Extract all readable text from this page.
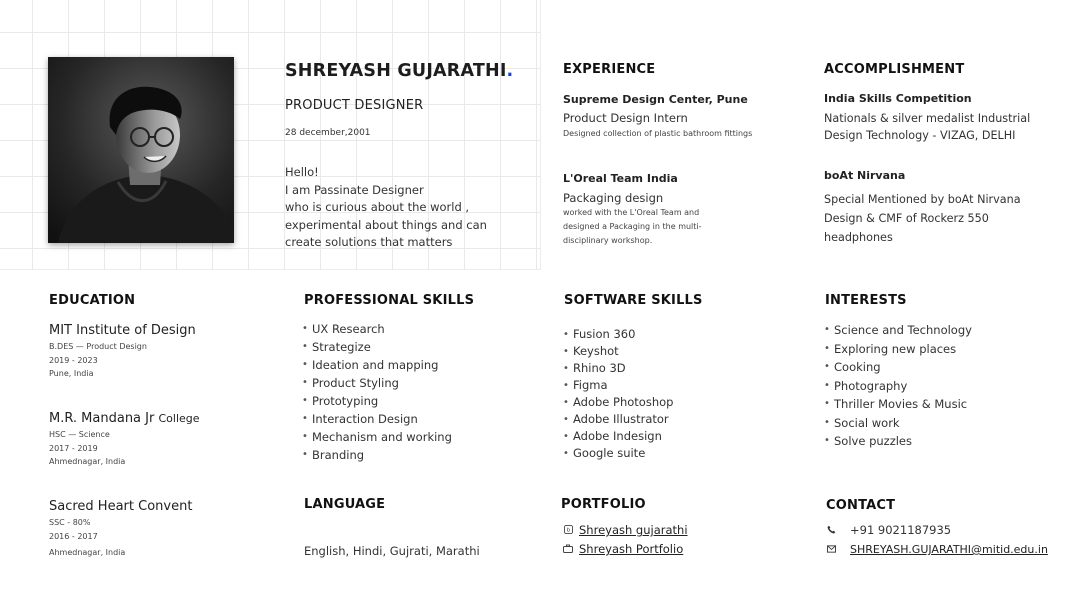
SHREYASH GUJARATHI.
PRODUCT DESIGNER
28 december,2001
Hello!
I am Passinate Designer
who is curious about the world ,
experimental about things and can
create solutions that matters
EXPERIENCE
Supreme Design Center, Pune
Product Design Intern
Designed collection of plastic bathroom fittings
L'Oreal Team India
Packaging design
worked with the L'Oreal Team and
designed a Packaging in the multi-
disciplinary workshop.
ACCOMPLISHMENT
India Skills Competition
Nationals & silver medalist Industrial
Design Technology - VIZAG, DELHI
boAt Nirvana
Special Mentioned by boAt Nirvana
Design & CMF of Rockerz 550
headphones
EDUCATION
MIT Institute of Design
B.DES — Product Design
2019 - 2023
Pune, India
M.R. Mandana Jr College
HSC — Science
2017 - 2019
Ahmednagar, India
Sacred Heart Convent
SSC - 80%
2016 - 2017
Ahmednagar, India
PROFESSIONAL SKILLS
• UX Research
• Strategize
• Ideation and mapping
• Product Styling
• Prototyping
• Interaction Design
• Mechanism and working
• Branding
SOFTWARE SKILLS
• Fusion 360
• Keyshot
• Rhino 3D
• Figma
• Adobe Photoshop
• Adobe Illustrator
• Adobe Indesign
• Google suite
INTERESTS
• Science and Technology
• Exploring new places
• Cooking
• Photography
• Thriller Movies & Music
• Social work
• Solve puzzles
LANGUAGE
English, Hindi, Gujrati, Marathi
PORTFOLIO
b Shreyash gujarathi
Shreyash Portfolio
CONTACT
+91 9021187935
SHREYASH.GUJARATHI@mitid.edu.in
